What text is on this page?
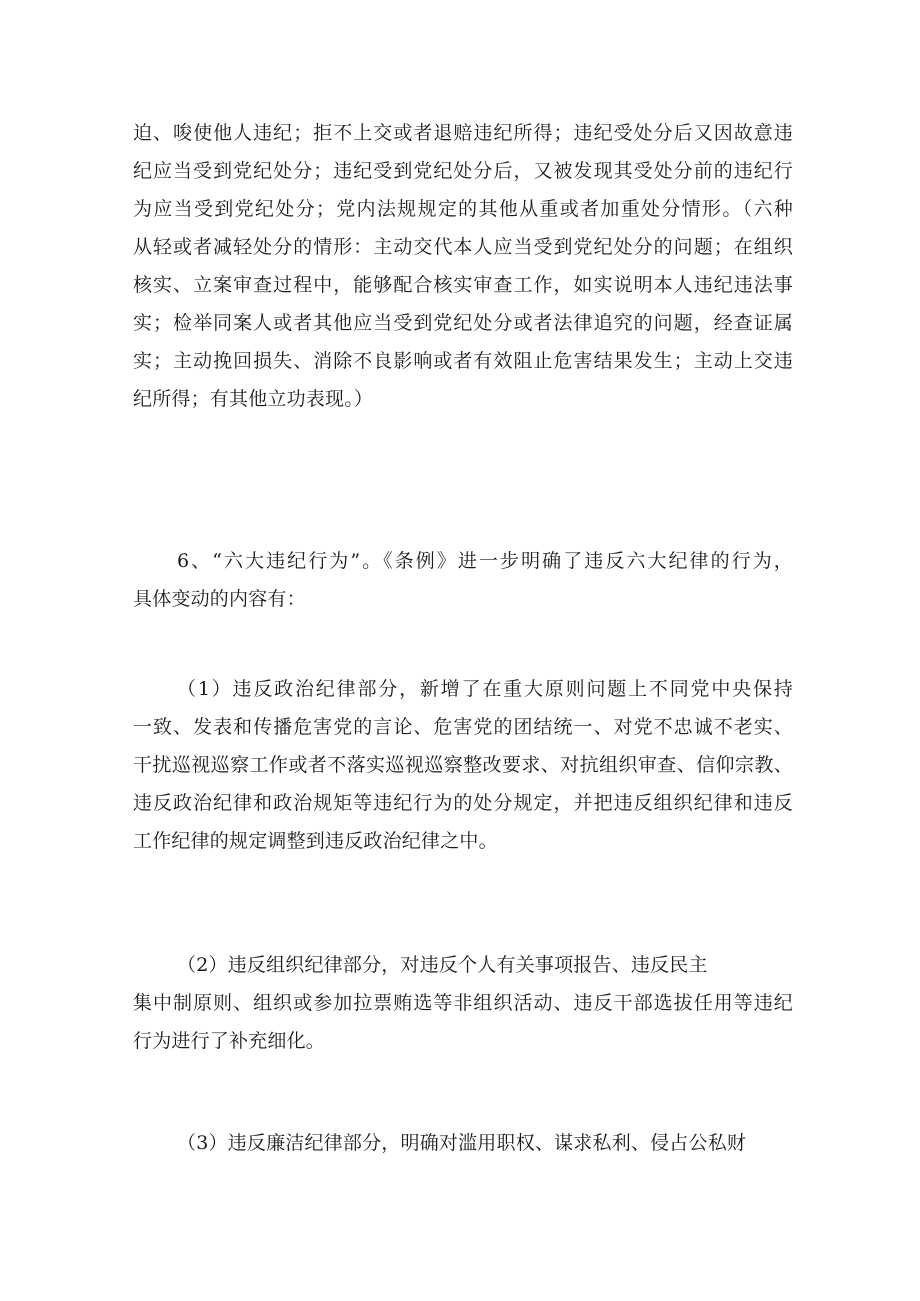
迫、唆使他人违纪；拒不上交或者退赔违纪所得；违纪受处分后又因故意违
纪应当受到党纪处分；违纪受到党纪处分后，又被发现其受处分前的违纪行
为应当受到党纪处分；党内法规规定的其他从重或者加重处分情形。（六种
从轻或者减轻处分的情形：主动交代本人应当受到党纪处分的问题；在组织
核实、立案审查过程中，能够配合核实审查工作，如实说明本人违纪违法事
实；检举同案人或者其他应当受到党纪处分或者法律追究的问题，经查证属
实；主动挽回损失、消除不良影响或者有效阻止危害结果发生；主动上交违
纪所得；有其他立功表现。）
6、“六大违纪行为”。《条例》进一步明确了违反六大纪律的行为，
具体变动的内容有：
（1）违反政治纪律部分，新增了在重大原则问题上不同党中央保持
一致、发表和传播危害党的言论、危害党的团结统一、对党不忠诚不老实、
干扰巡视巡察工作或者不落实巡视巡察整改要求、对抗组织审查、信仰宗教、
违反政治纪律和政治规矩等违纪行为的处分规定，并把违反组织纪律和违反
工作纪律的规定调整到违反政治纪律之中。
（2）违反组织纪律部分，对违反个人有关事项报告、违反民主
集中制原则、组织或参加拉票贿选等非组织活动、违反干部选拔任用等违纪
行为进行了补充细化。
（3）违反廉洁纪律部分，明确对滥用职权、谋求私利、侵占公私财
